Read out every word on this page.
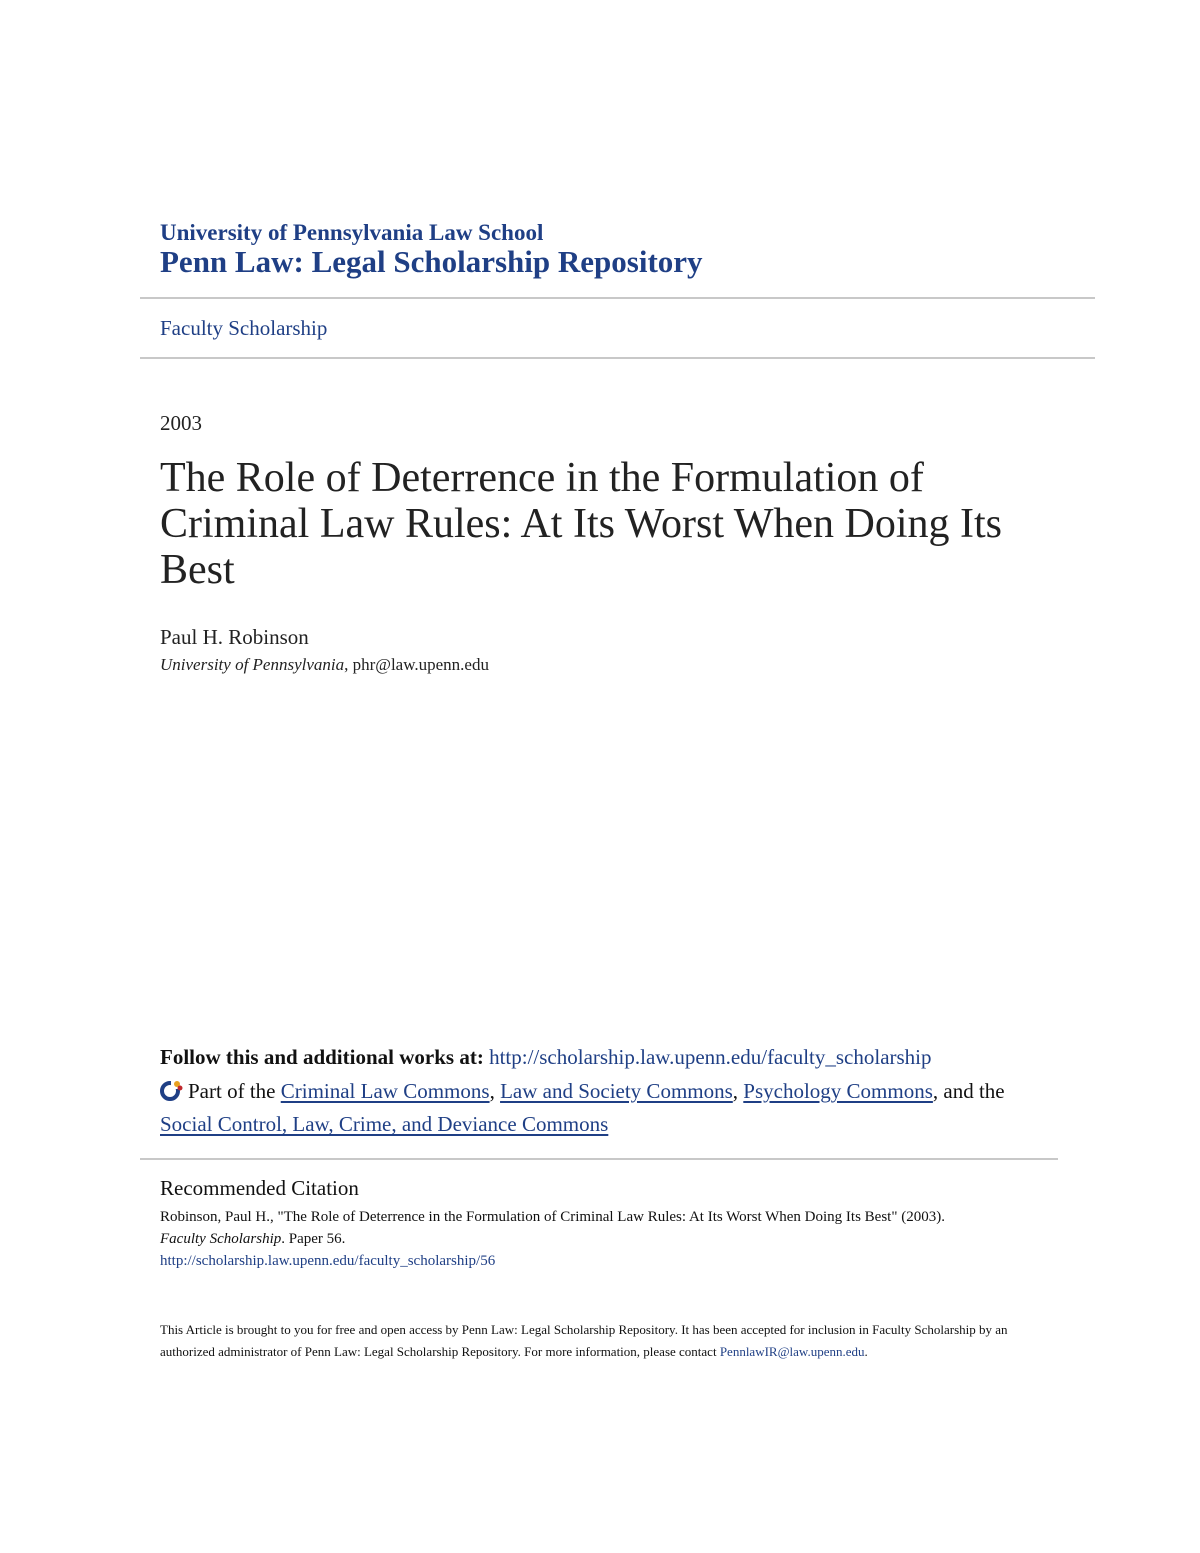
University of Pennsylvania Law School
Penn Law: Legal Scholarship Repository
Faculty Scholarship
2003
The Role of Deterrence in the Formulation of Criminal Law Rules: At Its Worst When Doing Its Best
Paul H. Robinson
University of Pennsylvania, phr@law.upenn.edu
Follow this and additional works at: http://scholarship.law.upenn.edu/faculty_scholarship
Part of the Criminal Law Commons, Law and Society Commons, Psychology Commons, and the Social Control, Law, Crime, and Deviance Commons
Recommended Citation
Robinson, Paul H., "The Role of Deterrence in the Formulation of Criminal Law Rules: At Its Worst When Doing Its Best" (2003).
Faculty Scholarship. Paper 56.
http://scholarship.law.upenn.edu/faculty_scholarship/56
This Article is brought to you for free and open access by Penn Law: Legal Scholarship Repository. It has been accepted for inclusion in Faculty Scholarship by an authorized administrator of Penn Law: Legal Scholarship Repository. For more information, please contact PennlawIR@law.upenn.edu.
